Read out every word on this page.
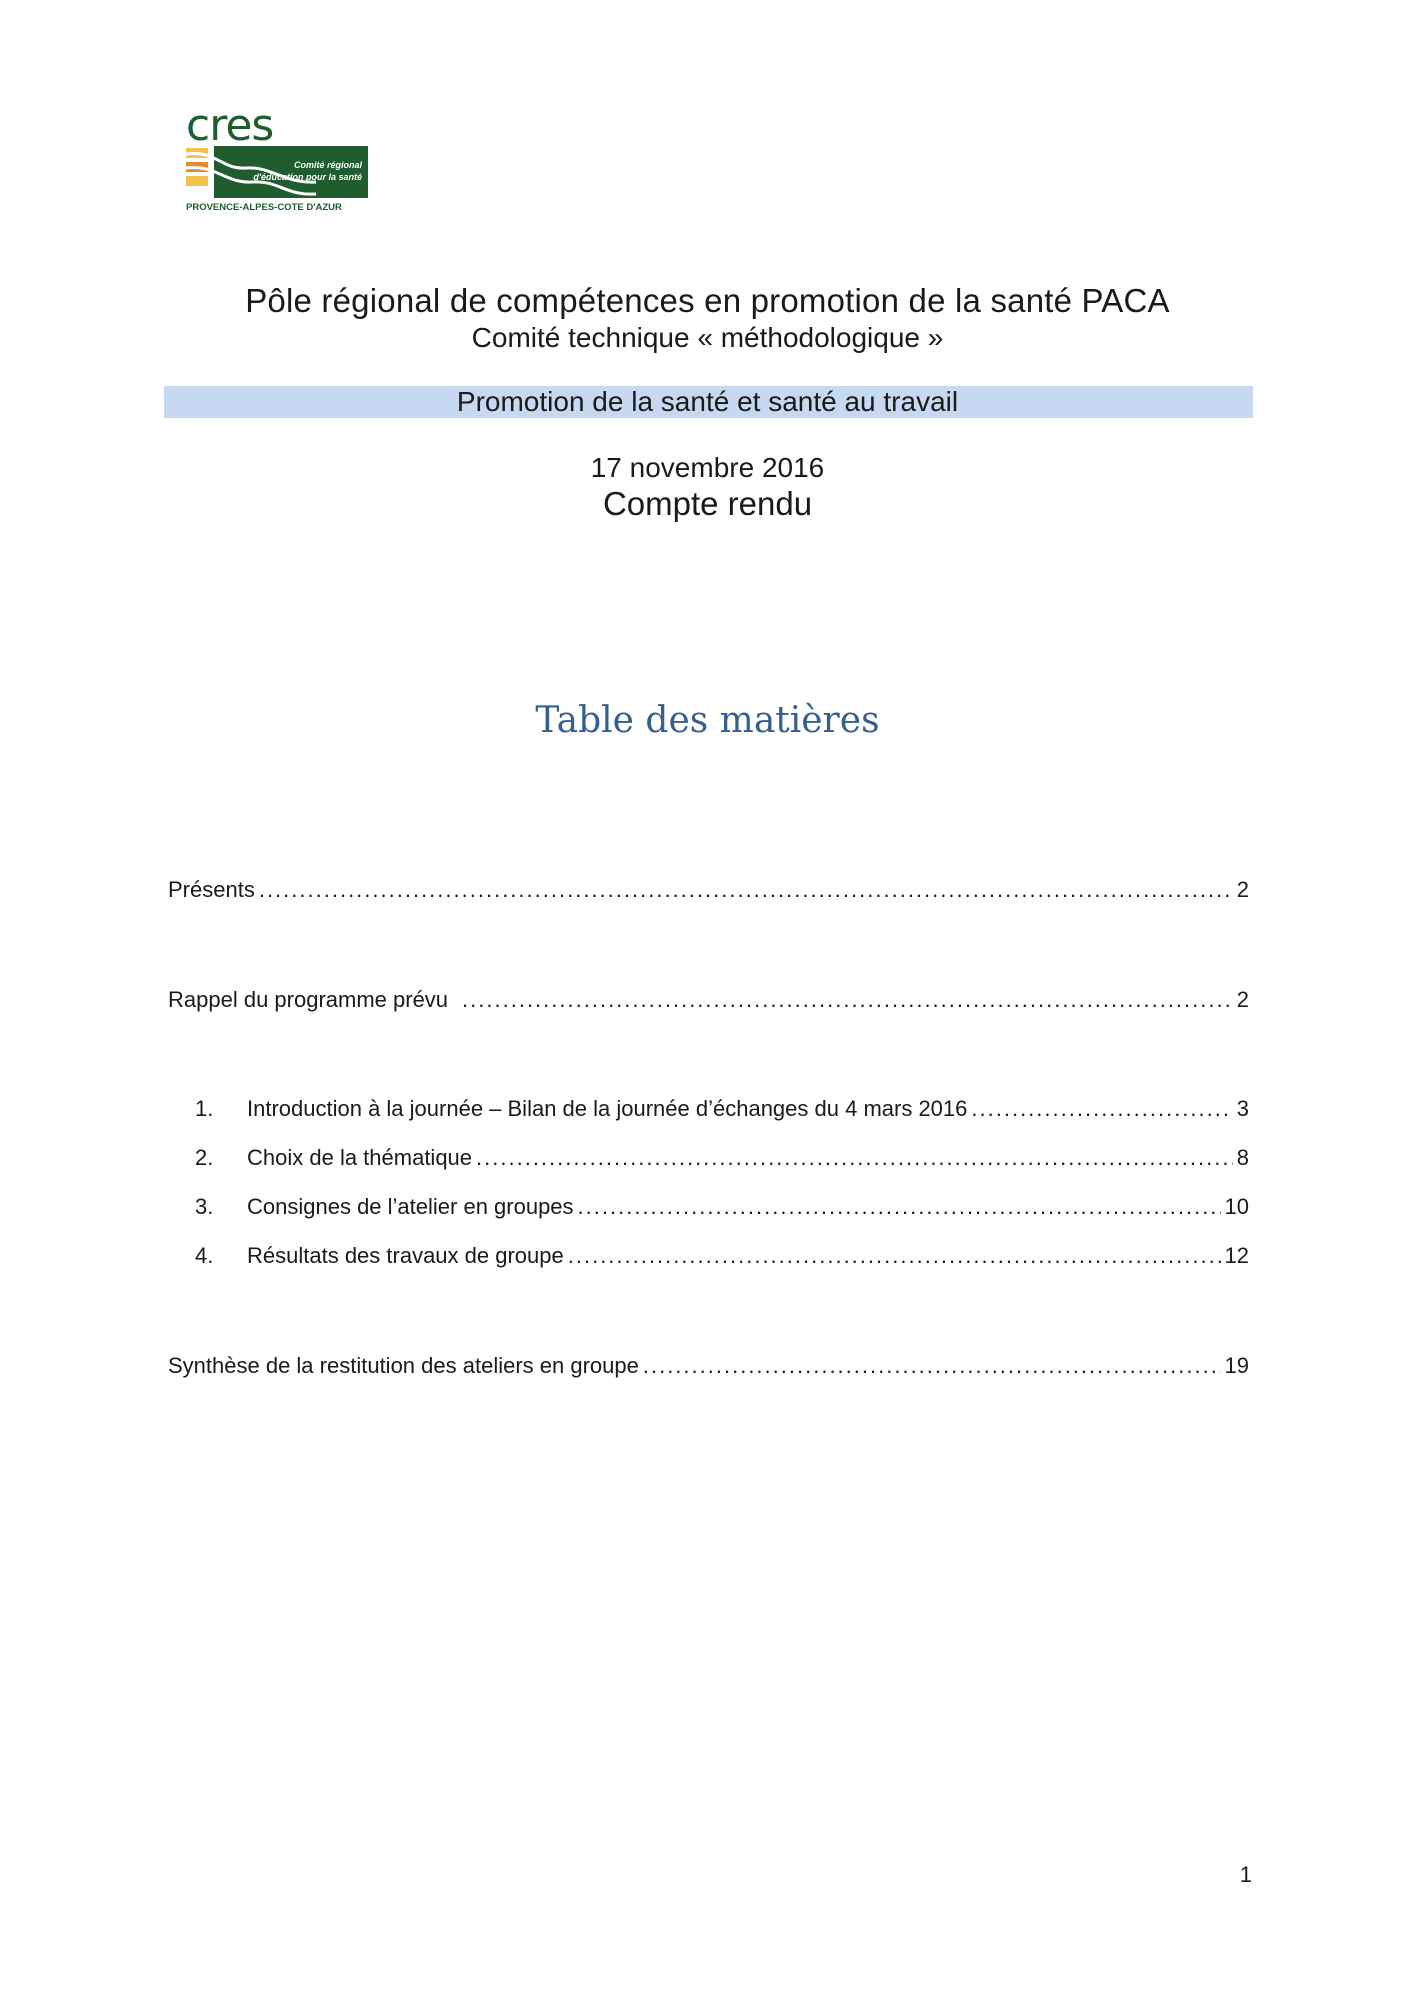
cres
Comité régional
d'éducation pour la santé
PROVENCE-ALPES-COTE D'AZUR
Pôle régional de compétences en promotion de la santé PACA
Comité technique « méthodologique »
Promotion de la santé et santé au travail
17 novembre 2016
Compte rendu
Table des matières
Présents .....	2
Rappel du programme prévu .....	2
1.	Introduction à la journée – Bilan de la journée d’échanges du 4 mars 2016 .....	3
2.	Choix de la thématique .....	8
3.	Consignes de l’atelier en groupes .....	10
4.	Résultats des travaux de groupe .....	12
Synthèse de la restitution des ateliers en groupe .....	19
1
